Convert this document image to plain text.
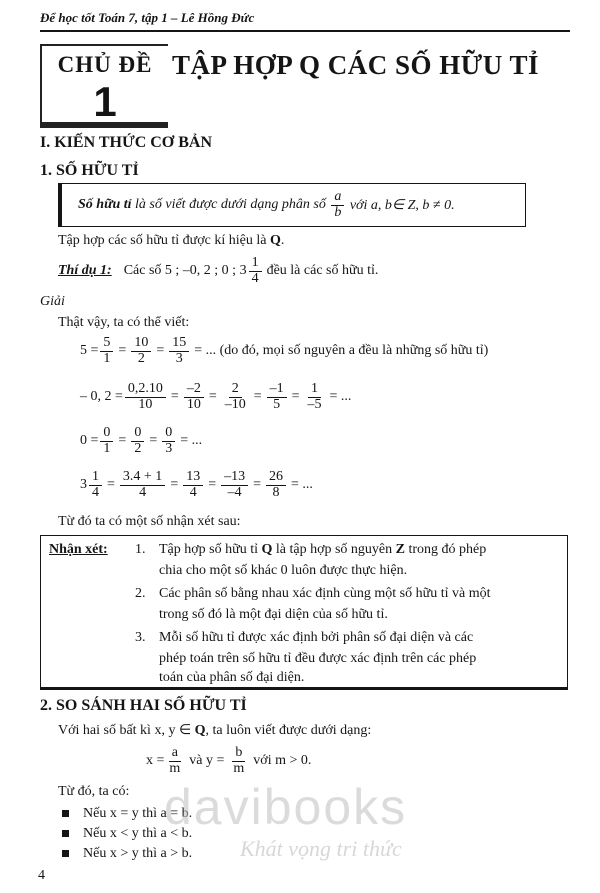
Để học tốt Toán 7, tập 1 – Lê Hồng Đức
CHỦ ĐỀ
1
TẬP HỢP Q CÁC SỐ HỮU TỈ
I. KIẾN THỨC CƠ BẢN
1. SỐ HỮU TỈ
Số hữu tỉ là số viết được dưới dạng phân số $\frac{a}{b}$ với a, b∈ Z, b ≠ 0.
Tập hợp các số hữu tỉ được kí hiệu là Q .
Thí dụ 1: Các số 5 ; –0, 2 ; 0 ; $3 \frac{1}{4}$ đều là các số hữu tỉ.
Giải
Thật vậy, ta có thể viết:
$5 = \frac{5}{1} = \frac{10}{2} = \frac{15}{3}$ = ... (do đó, mọi số nguyên a đều là những số hữu tỉ)
– 0, $2 = \frac{0,2.10}{10} = \frac{-2}{10} = \frac{2}{-10} = \frac{-1}{5} = \frac{1}{-5}$ = ...
$0 = \frac{0}{1} = \frac{0}{2} = \frac{0}{3}$ = ...
$3 \frac{1}{4} = \frac{3.4 + 1}{4} = \frac{13}{4} = \frac{-13}{-4} = \frac{26}{8}$ = ...
Từ đó ta có một số nhận xét sau:
Nhận xét: 1. Tập hợp số hữu tỉ Q là tập hợp số nguyên Z trong đó phép
chia cho một số khác 0 luôn được thực hiện.
2. Các phân số bằng nhau xác định cùng một số hữu tỉ và một
trong số đó là một đại diện của số hữu tỉ.
3. Mỗi số hữu tỉ được xác định bởi phân số đại diện và các
phép toán trên số hữu tỉ đều được xác định trên các phép
toán của phân số đại diện.
2. SO SÁNH HAI SỐ HỮU TỈ
Với hai số bất kì x, y ∈ Q, ta luôn viết được dưới dạng:
$x = \frac{a}{m}$ và $y = \frac{b}{m}$ với m > 0.
Từ đó, ta có:
Nếu x = y thì a = b.
Nếu x < y thì a < b.
Nếu x > y thì a > b.
davibooks
Khát vọng tri thức
4
